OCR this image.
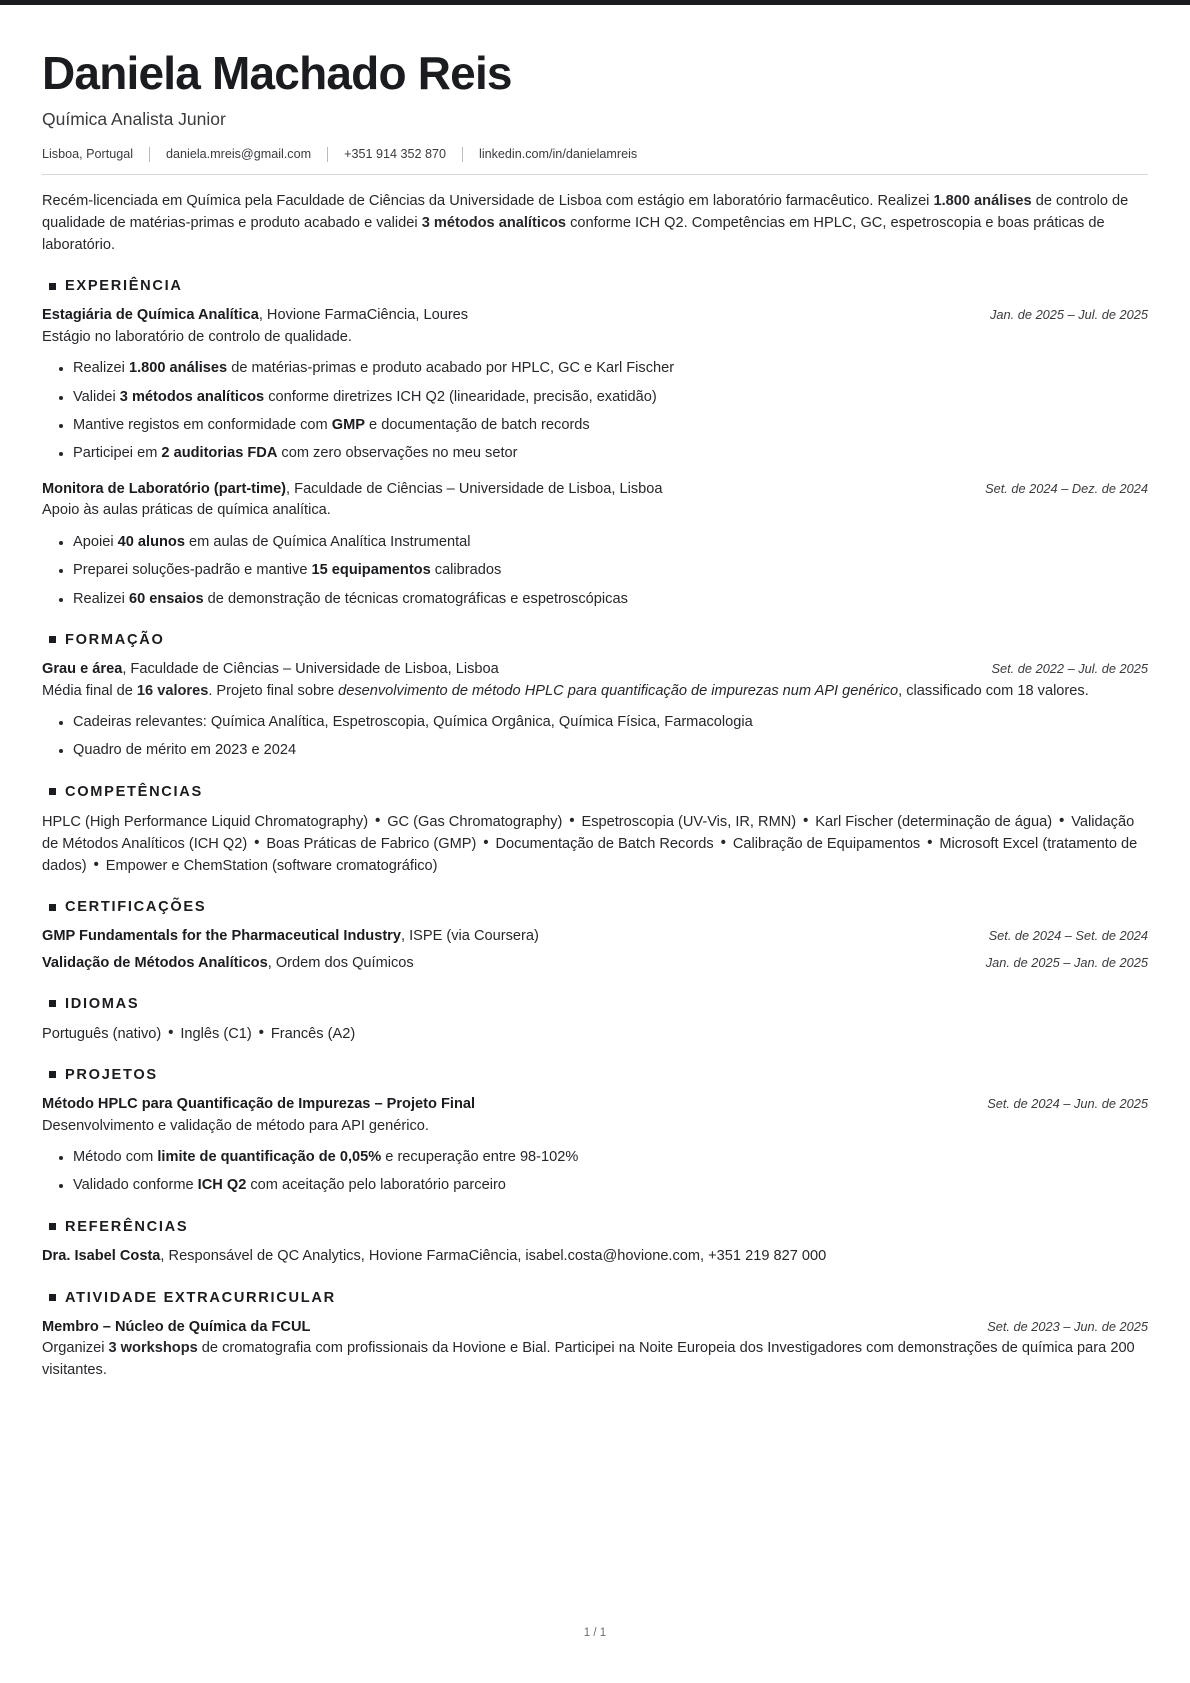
Daniela Machado Reis
Química Analista Junior
Lisboa, Portugal	daniela.mreis@gmail.com	+351 914 352 870	linkedin.com/in/danielamreis

Recém-licenciada em Química pela Faculdade de Ciências da Universidade de Lisboa com estágio em laboratório farmacêutico. Realizei 1.800 análises de controlo de qualidade de matérias-primas e produto acabado e validei 3 métodos analíticos conforme ICH Q2. Competências em HPLC, GC, espetroscopia e boas práticas de laboratório.

EXPERIÊNCIA
Estagiária de Química Analítica, Hovione FarmaCiência, Loures	Jan. de 2025 – Jul. de 2025
Estágio no laboratório de controlo de qualidade.
Realizei 1.800 análises de matérias-primas e produto acabado por HPLC, GC e Karl Fischer
Validei 3 métodos analíticos conforme diretrizes ICH Q2 (linearidade, precisão, exatidão)
Mantive registos em conformidade com GMP e documentação de batch records
Participei em 2 auditorias FDA com zero observações no meu setor
Monitora de Laboratório (part-time), Faculdade de Ciências – Universidade de Lisboa, Lisboa	Set. de 2024 – Dez. de 2024
Apoio às aulas práticas de química analítica.
Apoiei 40 alunos em aulas de Química Analítica Instrumental
Preparei soluções-padrão e mantive 15 equipamentos calibrados
Realizei 60 ensaios de demonstração de técnicas cromatográficas e espetroscópicas
FORMAÇÃO
Grau e área, Faculdade de Ciências – Universidade de Lisboa, Lisboa	Set. de 2022 – Jul. de 2025
Média final de 16 valores. Projeto final sobre desenvolvimento de método HPLC para quantificação de impurezas num API genérico, classificado com 18 valores.
Cadeiras relevantes: Química Analítica, Espetroscopia, Química Orgânica, Química Física, Farmacologia
Quadro de mérito em 2023 e 2024
COMPETÊNCIAS
HPLC (High Performance Liquid Chromatography) • GC (Gas Chromatography) • Espetroscopia (UV-Vis, IR, RMN) • Karl Fischer (determinação de água) • Validação de Métodos Analíticos (ICH Q2) • Boas Práticas de Fabrico (GMP) • Documentação de Batch Records • Calibração de Equipamentos • Microsoft Excel (tratamento de dados) • Empower e ChemStation (software cromatográfico)
CERTIFICAÇÕES
GMP Fundamentals for the Pharmaceutical Industry, ISPE (via Coursera)	Set. de 2024 – Set. de 2024
Validação de Métodos Analíticos, Ordem dos Químicos	Jan. de 2025 – Jan. de 2025
IDIOMAS
Português (nativo) • Inglês (C1) • Francês (A2)
PROJETOS
Método HPLC para Quantificação de Impurezas – Projeto Final	Set. de 2024 – Jun. de 2025
Desenvolvimento e validação de método para API genérico.
Método com limite de quantificação de 0,05% e recuperação entre 98-102%
Validado conforme ICH Q2 com aceitação pelo laboratório parceiro
REFERÊNCIAS
Dra. Isabel Costa, Responsável de QC Analytics, Hovione FarmaCiência, isabel.costa@hovione.com, +351 219 827 000
ATIVIDADE EXTRACURRICULAR
Membro – Núcleo de Química da FCUL	Set. de 2023 – Jun. de 2025
Organizei 3 workshops de cromatografia com profissionais da Hovione e Bial. Participei na Noite Europeia dos Investigadores com demonstrações de química para 200 visitantes.
1 / 1
